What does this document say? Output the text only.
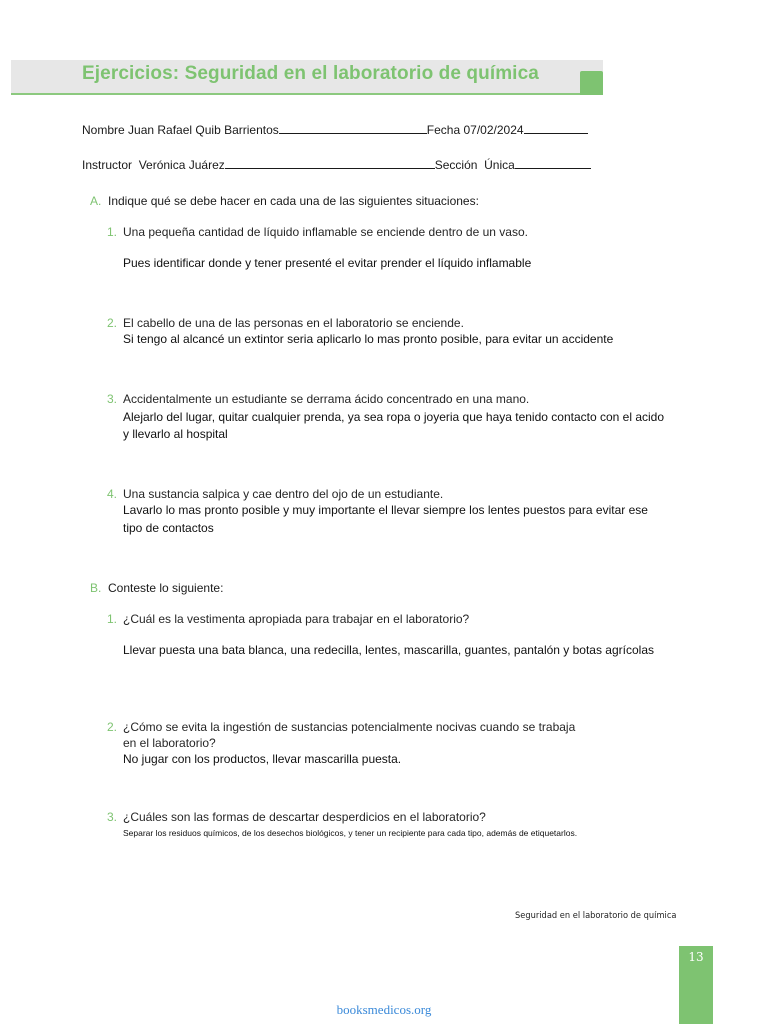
Ejercicios: Seguridad en el laboratorio de química
Nombre Juan Rafael Quib Barrientos	Fecha 07/02/2024
Instructor Verónica Juárez	Sección Única
A. Indique qué se debe hacer en cada una de las siguientes situaciones:
1. Una pequeña cantidad de líquido inflamable se enciende dentro de un vaso.
Pues identificar donde y tener presenté el evitar prender el líquido inflamable
2. El cabello de una de las personas en el laboratorio se enciende.
Si tengo al alcancé un extintor seria aplicarlo lo mas pronto posible, para evitar un accidente
3. Accidentalmente un estudiante se derrama ácido concentrado en una mano.
Alejarlo del lugar, quitar cualquier prenda, ya sea ropa o joyeria que haya tenido contacto con el acido
y llevarlo al hospital
4. Una sustancia salpica y cae dentro del ojo de un estudiante.
Lavarlo lo mas pronto posible y muy importante el llevar siempre los lentes puestos para evitar ese
tipo de contactos
B. Conteste lo siguiente:
1. ¿Cuál es la vestimenta apropiada para trabajar en el laboratorio?
Llevar puesta una bata blanca, una redecilla, lentes, mascarilla, guantes, pantalón y botas agrícolas
2. ¿Cómo se evita la ingestión de sustancias potencialmente nocivas cuando se trabaja
en el laboratorio?
No jugar con los productos, llevar mascarilla puesta.
3. ¿Cuáles son las formas de descartar desperdicios en el laboratorio?
Separar los residuos químicos, de los desechos biológicos, y tener un recipiente para cada tipo, además de etiquetarlos.
Seguridad en el laboratorio de química
13
booksmedicos.org
